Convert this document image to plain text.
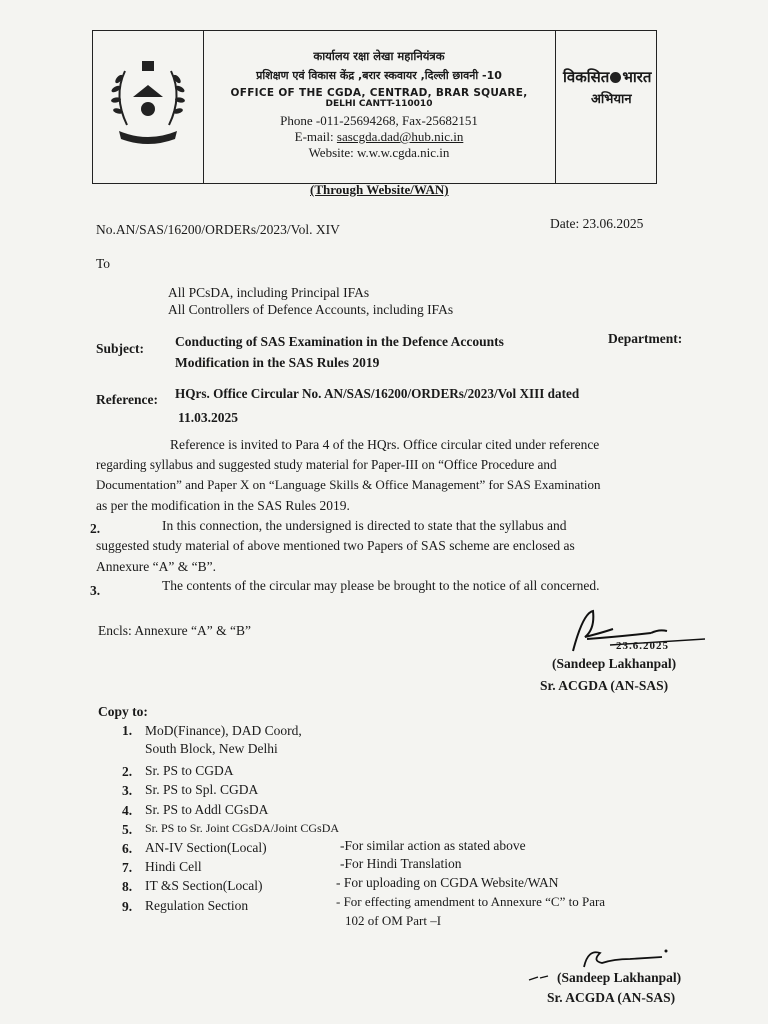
कार्यालय रक्षा लेखा महानियंत्रक
प्रशिक्षण एवं विकास केंद्र ,बरार स्कवायर ,दिल्ली छावनी -10
OFFICE OF THE CGDA, CENTRAD, BRAR SQUARE,
DELHI CANTT-110010
Phone -011-25694268, Fax-25682151
E-mail: sascgda.dad@hub.nic.in
Website: w.w.w.cgda.nic.in
विकसित भारत
अभियान
(Through Website/WAN)
No.AN/SAS/16200/ORDERs/2023/Vol. XIV	Date: 23.06.2025
To
All PCsDA, including Principal IFAs
All Controllers of Defence Accounts, including IFAs
Subject: Conducting of SAS Examination in the Defence Accounts	Department:
Modification in the SAS Rules 2019
Reference: HQrs. Office Circular No. AN/SAS/16200/ORDERs/2023/Vol XIII dated
11.03.2025
Reference is invited to Para 4 of the HQrs. Office circular cited under reference
regarding syllabus and suggested study material for Paper-III on “Office Procedure and
Documentation” and Paper X on “Language Skills & Office Management” for SAS Examination
as per the modification in the SAS Rules 2019.
2.	In this connection, the undersigned is directed to state that the syllabus and
suggested study material of above mentioned two Papers of SAS scheme are enclosed as
Annexure “A” & “B”.
3.	The contents of the circular may please be brought to the notice of all concerned.
Encls: Annexure “A” & “B”
23.6.2025
(Sandeep Lakhanpal)
Sr. ACGDA (AN-SAS)
Copy to:
1. MoD(Finance), DAD Coord,
South Block, New Delhi
2. Sr. PS to CGDA
3. Sr. PS to Spl. CGDA
4. Sr. PS to Addl CGsDA
5. Sr. PS to Sr. Joint CGsDA/Joint CGsDA
6. AN-IV Section(Local)	-For similar action as stated above
7. Hindi Cell	-For Hindi Translation
8. IT &S Section(Local)	- For uploading on CGDA Website/WAN
9. Regulation Section	- For effecting amendment to Annexure “C” to Para
102 of OM Part –I
(Sandeep Lakhanpal)
Sr. ACGDA (AN-SAS)
